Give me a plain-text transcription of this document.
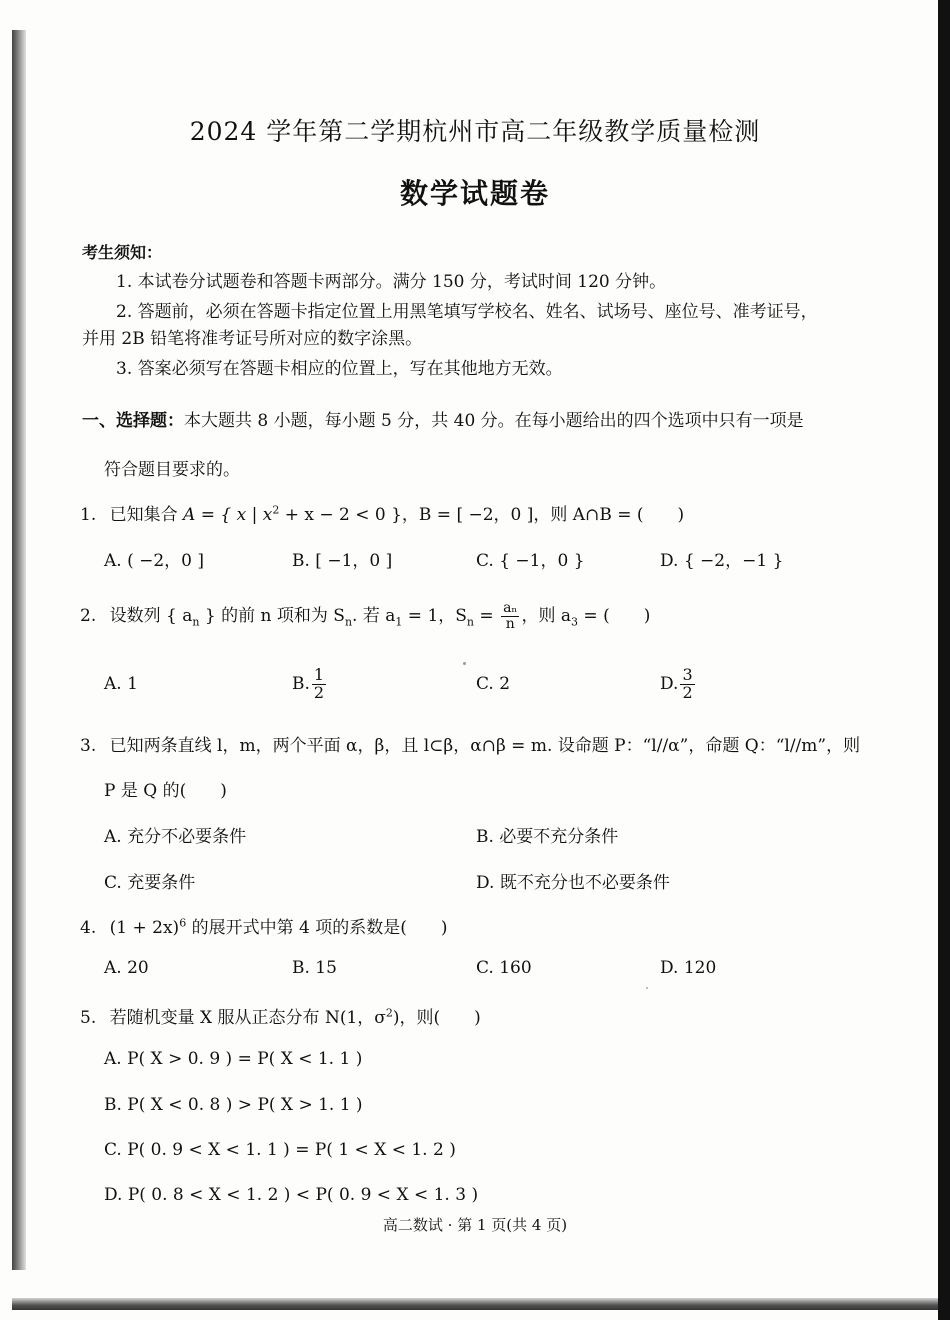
2024 学年第二学期杭州市高二年级教学质量检测
数学试题卷
考生须知：
1. 本试卷分试题卷和答题卡两部分。满分 150 分，考试时间 120 分钟。
2. 答题前，必须在答题卡指定位置上用黑笔填写学校名、姓名、试场号、座位号、准考证号，
并用 2B 铅笔将准考证号所对应的数字涂黑。
3. 答案必须写在答题卡相应的位置上，写在其他地方无效。
一、选择题：本大题共 8 小题，每小题 5 分，共 40 分。在每小题给出的四个选项中只有一项是
符合题目要求的。
1. 已知集合 A = { x | $x^2 + x - 2 < 0$ }，B = [ −2，0 ]，则 A∩B = (　　)
A. ( −2，0 ]	B. [ −1，0 ]	C. { −1，0 }	D. { −2，−1 }
2. 设数列 { $a_n$ } 的前 n 项和为 $S_n$. 若 $a_1 = 1$，$S_n = \frac{\text{aₙ}}{n}$ ，则 $a_3$ = (　　)
A. 1	B. $\frac{1}{2}$	C. 2	D. $\frac{3}{2}$
3. 已知两条直线 l，m，两个平面 α，β，且 l⊂β，α∩β = m. 设命题 P：“l//α”，命题 Q：“l//m”，则
P 是 Q 的(　　)
A. 充分不必要条件	B. 必要不充分条件
C. 充要条件	D. 既不充分也不必要条件
4. $(1 + 2x)^6$ 的展开式中第 4 项的系数是(　　)
A. 20	B. 15	C. 160	D. 120
5. 若随机变量 X 服从正态分布 N(1，$\sigma^2$)，则(　　)
A. P( X > 0. 9 ) = P( X < 1. 1 )
B. P( X < 0. 8 ) > P( X > 1. 1 )
C. P( 0. 9 < X < 1. 1 ) = P( 1 < X < 1. 2 )
D. P( 0. 8 < X < 1. 2 ) < P( 0. 9 < X < 1. 3 )
高二数试 · 第 1 页(共 4 页)
